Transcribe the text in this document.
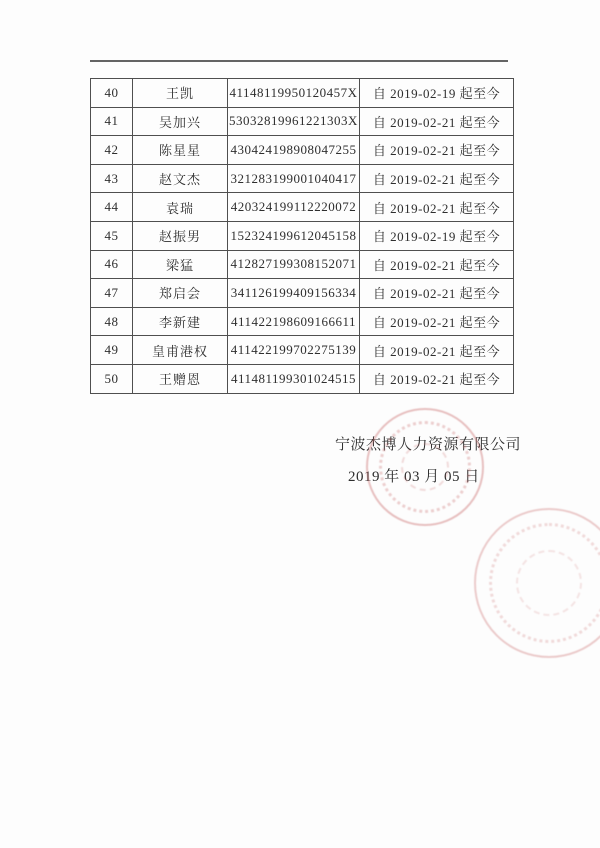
40	王凯	41148119950120457X	自 2019-02-19 起至今
41	吴加兴	53032819961221303X	自 2019-02-21 起至今
42	陈星星	430424198908047255	自 2019-02-21 起至今
43	赵文杰	321283199001040417	自 2019-02-21 起至今
44	袁瑞	420324199112220072	自 2019-02-21 起至今
45	赵振男	152324199612045158	自 2019-02-19 起至今
46	梁猛	412827199308152071	自 2019-02-21 起至今
47	郑启会	341126199409156334	自 2019-02-21 起至今
48	李新建	411422198609166611	自 2019-02-21 起至今
49	皇甫港权	411422199702275139	自 2019-02-21 起至今
50	王赠恩	411481199301024515	自 2019-02-21 起至今
宁波杰博人力资源有限公司
2019 年 03 月 05 日
